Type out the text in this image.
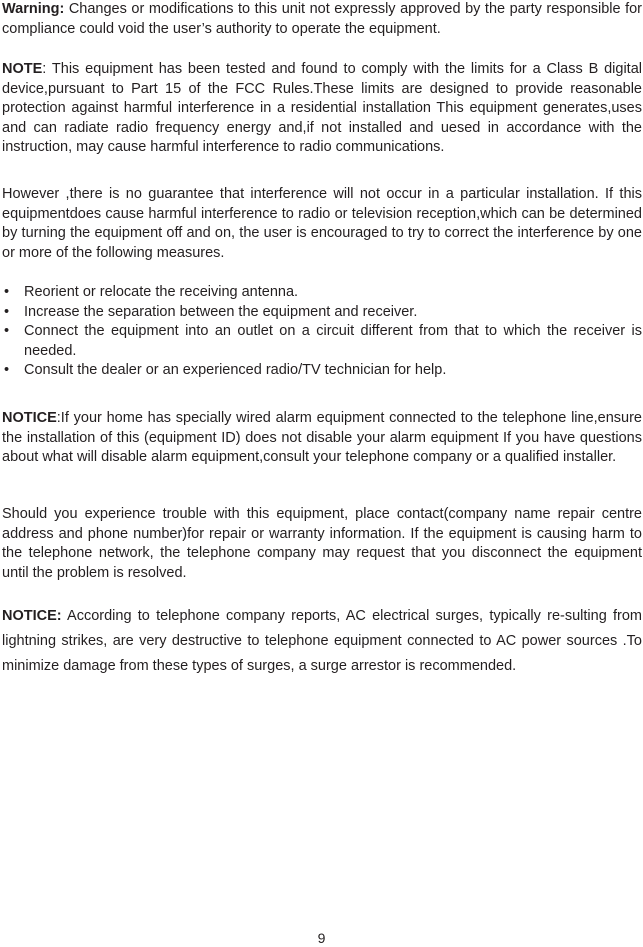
Warning: Changes or modifications to this unit not expressly approved by the party responsible for compliance could void the user’s authority to operate the equipment.

NOTE: This equipment has been tested and found to comply with the limits for a Class B digital device,pursuant to Part 15 of the FCC Rules.These limits are designed to provide reasonable protection against harmful interference in a residential installation This equipment generates,uses and can radiate radio frequency energy and,if not installed and uesed in accordance with the instruction, may cause harmful interference to radio communications.

However ,there is no guarantee that interference will not occur in a particular installation. If this equipmentdoes cause harmful interference to radio or television reception,which can be determined by turning the equipment off and on, the user is encouraged to try to correct the interference by one or more of the following measures.

• Reorient or relocate the receiving antenna.
• Increase the separation between the equipment and receiver.
• Connect the equipment into an outlet on a circuit different from that to which the receiver is needed.
• Consult the dealer or an experienced radio/TV technician for help.

NOTICE:If your home has specially wired alarm equipment connected to the telephone line,ensure the installation of this (equipment ID) does not disable your alarm equipment If you have questions about what will disable alarm equipment,consult your telephone company or a qualified installer.

Should you experience trouble with this equipment, place contact(company name repair centre address and phone number)for repair or warranty information. If the equipment is causing harm to the telephone network, the telephone company may request that you disconnect the equipment until the problem is resolved.

NOTICE: According to telephone company reports, AC electrical surges, typically re-sulting from lightning strikes, are very destructive to telephone equipment connected to AC power sources .To minimize damage from these types of surges, a surge arrestor is recommended.

9
